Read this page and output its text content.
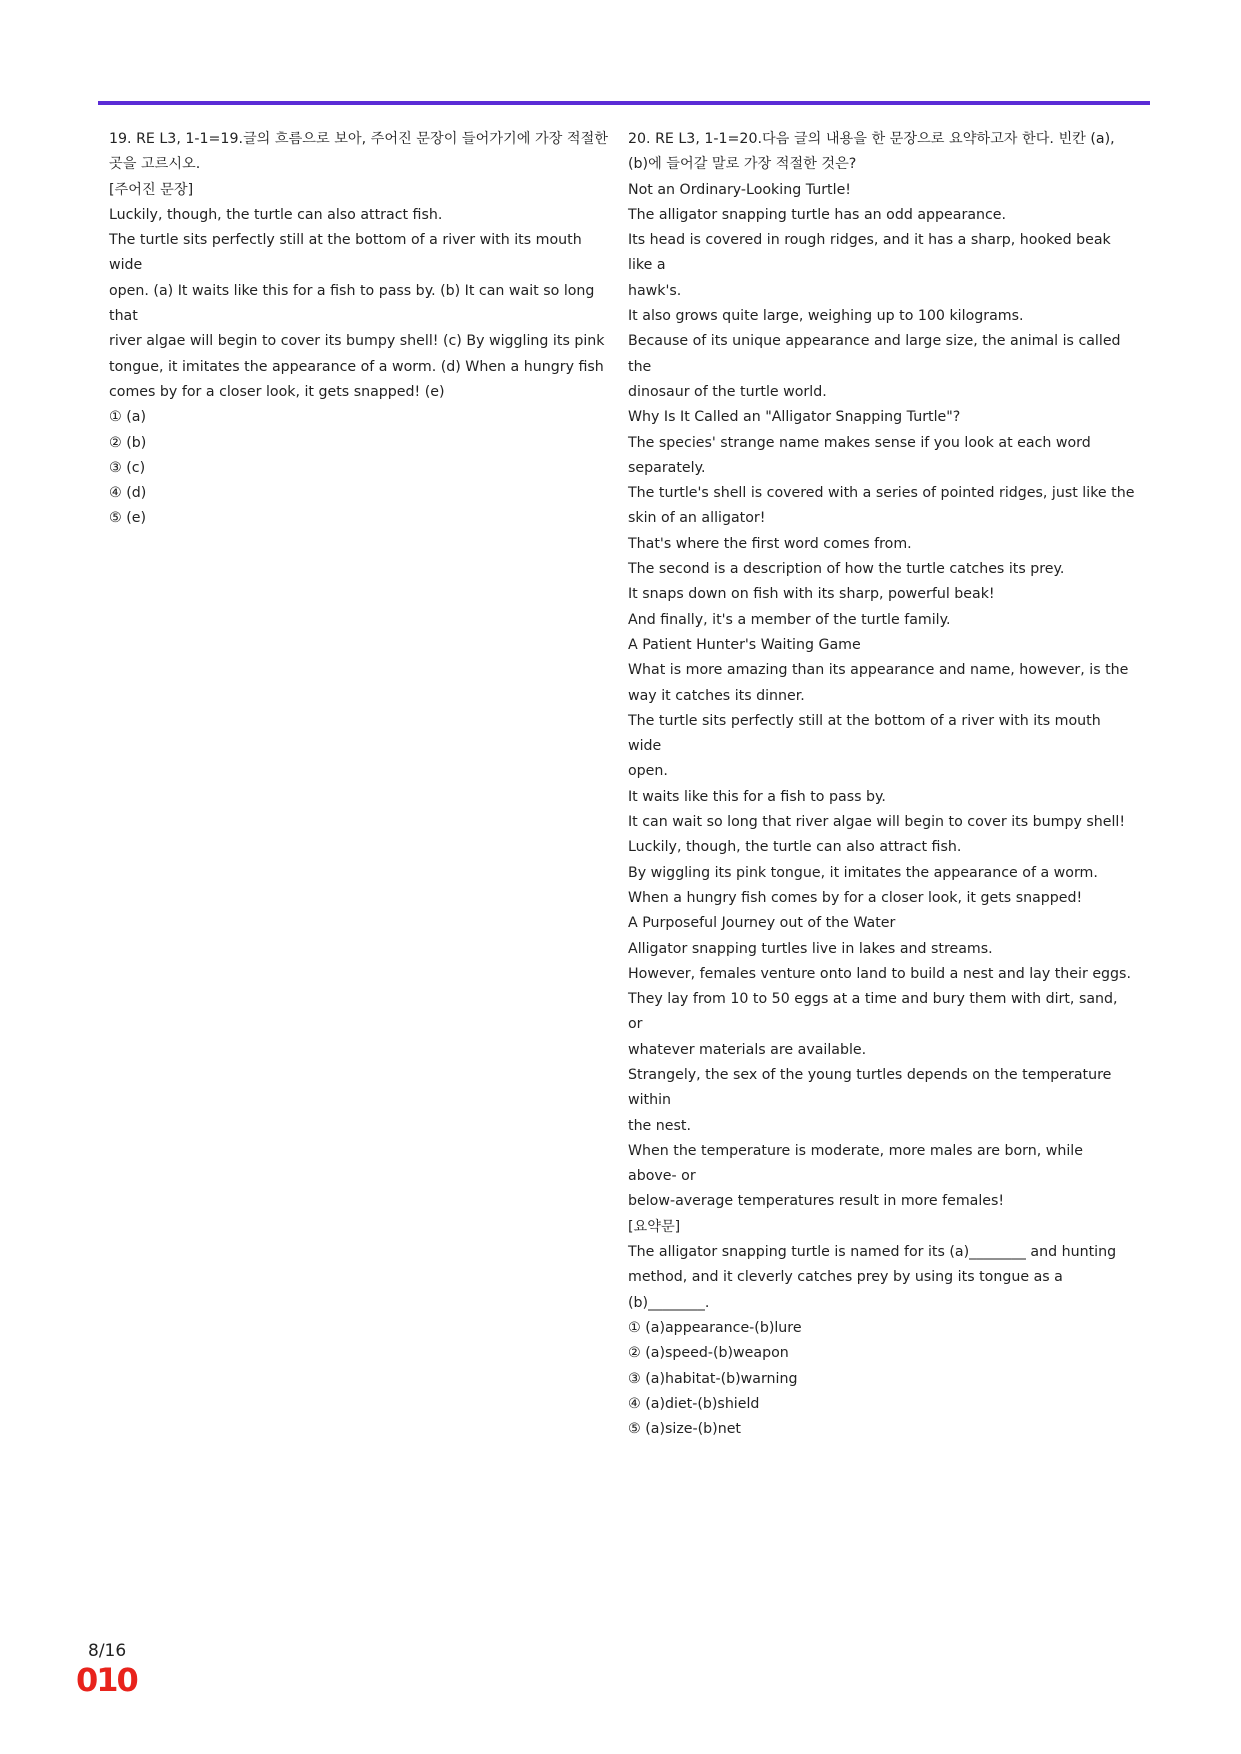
19. RE L3, 1-1=19.글의 흐름으로 보아, 주어진 문장이 들어가기에 가장 적절한
곳을 고르시오.
[주어진 문장]
Luckily, though, the turtle can also attract fish.
The turtle sits perfectly still at the bottom of a river with its mouth wide
open. (a) It waits like this for a fish to pass by. (b) It can wait so long that
river algae will begin to cover its bumpy shell! (c) By wiggling its pink
tongue, it imitates the appearance of a worm. (d) When a hungry fish
comes by for a closer look, it gets snapped! (e)
① (a)
② (b)
③ (c)
④ (d)
⑤ (e)
20. RE L3, 1-1=20.다음 글의 내용을 한 문장으로 요약하고자 한다. 빈칸 (a),
(b)에 들어갈 말로 가장 적절한 것은?
Not an Ordinary-Looking Turtle!
The alligator snapping turtle has an odd appearance.
Its head is covered in rough ridges, and it has a sharp, hooked beak like a
hawk's.
It also grows quite large, weighing up to 100 kilograms.
Because of its unique appearance and large size, the animal is called the
dinosaur of the turtle world.
Why Is It Called an "Alligator Snapping Turtle"?
The species' strange name makes sense if you look at each word
separately.
The turtle's shell is covered with a series of pointed ridges, just like the
skin of an alligator!
That's where the first word comes from.
The second is a description of how the turtle catches its prey.
It snaps down on fish with its sharp, powerful beak!
And finally, it's a member of the turtle family.
A Patient Hunter's Waiting Game
What is more amazing than its appearance and name, however, is the
way it catches its dinner.
The turtle sits perfectly still at the bottom of a river with its mouth wide
open.
It waits like this for a fish to pass by.
It can wait so long that river algae will begin to cover its bumpy shell!
Luckily, though, the turtle can also attract fish.
By wiggling its pink tongue, it imitates the appearance of a worm.
When a hungry fish comes by for a closer look, it gets snapped!
A Purposeful Journey out of the Water
Alligator snapping turtles live in lakes and streams.
However, females venture onto land to build a nest and lay their eggs.
They lay from 10 to 50 eggs at a time and bury them with dirt, sand, or
whatever materials are available.
Strangely, the sex of the young turtles depends on the temperature within
the nest.
When the temperature is moderate, more males are born, while above- or
below-average temperatures result in more females!
[요약문]
The alligator snapping turtle is named for its (a)________ and hunting
method, and it cleverly catches prey by using its tongue as a (b)________.
① (a)appearance-(b)lure
② (a)speed-(b)weapon
③ (a)habitat-(b)warning
④ (a)diet-(b)shield
⑤ (a)size-(b)net
8/16
010
